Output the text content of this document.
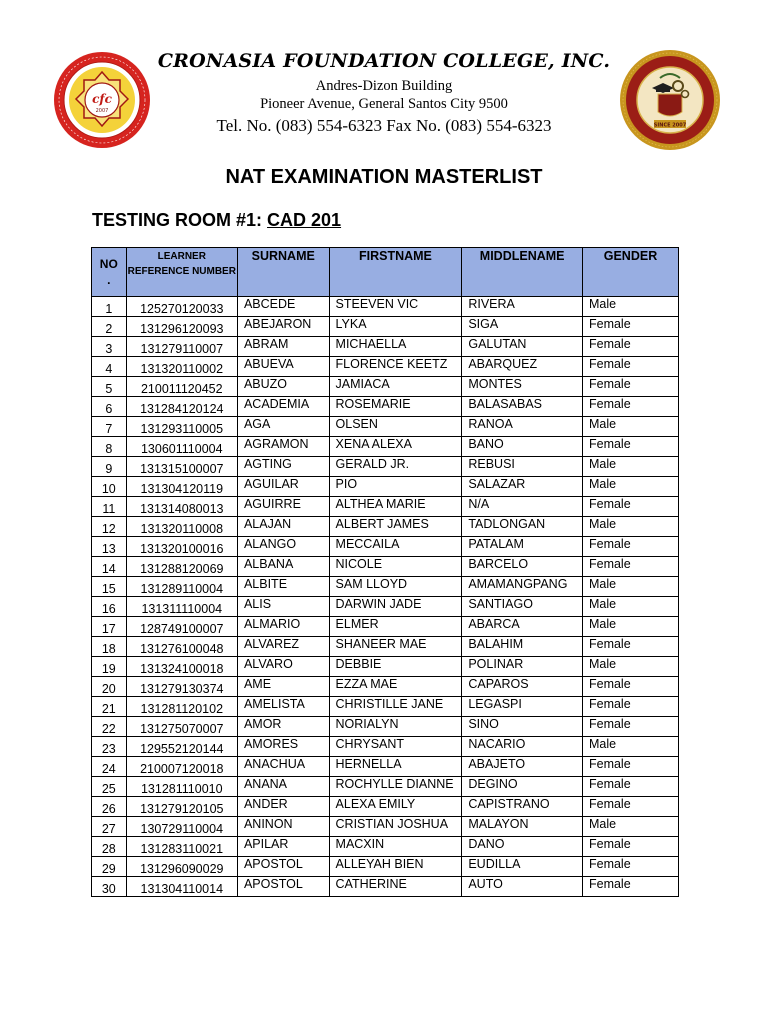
cfc
2007
SINCE 2007
CRONASIA FOUNDATION COLLEGE, INC.
Andres-Dizon Building
Pioneer Avenue, General Santos City 9500
Tel. No. (083) 554-6323 Fax No. (083) 554-6323
NAT EXAMINATION MASTERLIST
TESTING ROOM #1: CAD 201
NO
.	LEARNER REFERENCE NUMBER	SURNAME	FIRSTNAME	MIDDLENAME	GENDER
1	125270120033	ABCEDE	STEEVEN VIC	RIVERA	Male
2	131296120093	ABEJARON	LYKA	SIGA	Female
3	131279110007	ABRAM	MICHAELLA	GALUTAN	Female
4	131320110002	ABUEVA	FLORENCE KEETZ	ABARQUEZ	Female
5	210011120452	ABUZO	JAMIACA	MONTES	Female
6	131284120124	ACADEMIA	ROSEMARIE	BALASABAS	Female
7	131293110005	AGA	OLSEN	RANOA	Male
8	130601110004	AGRAMON	XENA ALEXA	BANO	Female
9	131315100007	AGTING	GERALD JR.	REBUSI	Male
10	131304120119	AGUILAR	PIO	SALAZAR	Male
11	131314080013	AGUIRRE	ALTHEA MARIE	N/A	Female
12	131320110008	ALAJAN	ALBERT JAMES	TADLONGAN	Male
13	131320100016	ALANGO	MECCAILA	PATALAM	Female
14	131288120069	ALBANA	NICOLE	BARCELO	Female
15	131289110004	ALBITE	SAM LLOYD	AMAMANGPANG	Male
16	131311110004	ALIS	DARWIN JADE	SANTIAGO	Male
17	128749100007	ALMARIO	ELMER	ABARCA	Male
18	131276100048	ALVAREZ	SHANEER MAE	BALAHIM	Female
19	131324100018	ALVARO	DEBBIE	POLINAR	Male
20	131279130374	AME	EZZA MAE	CAPAROS	Female
21	131281120102	AMELISTA	CHRISTILLE JANE	LEGASPI	Female
22	131275070007	AMOR	NORIALYN	SINO	Female
23	129552120144	AMORES	CHRYSANT	NACARIO	Male
24	210007120018	ANACHUA	HERNELLA	ABAJETO	Female
25	131281110010	ANANA	ROCHYLLE DIANNE	DEGINO	Female
26	131279120105	ANDER	ALEXA EMILY	CAPISTRANO	Female
27	130729110004	ANINON	CRISTIAN JOSHUA	MALAYON	Male
28	131283110021	APILAR	MACXIN	DANO	Female
29	131296090029	APOSTOL	ALLEYAH BIEN	EUDILLA	Female
30	131304110014	APOSTOL	CATHERINE	AUTO	Female
